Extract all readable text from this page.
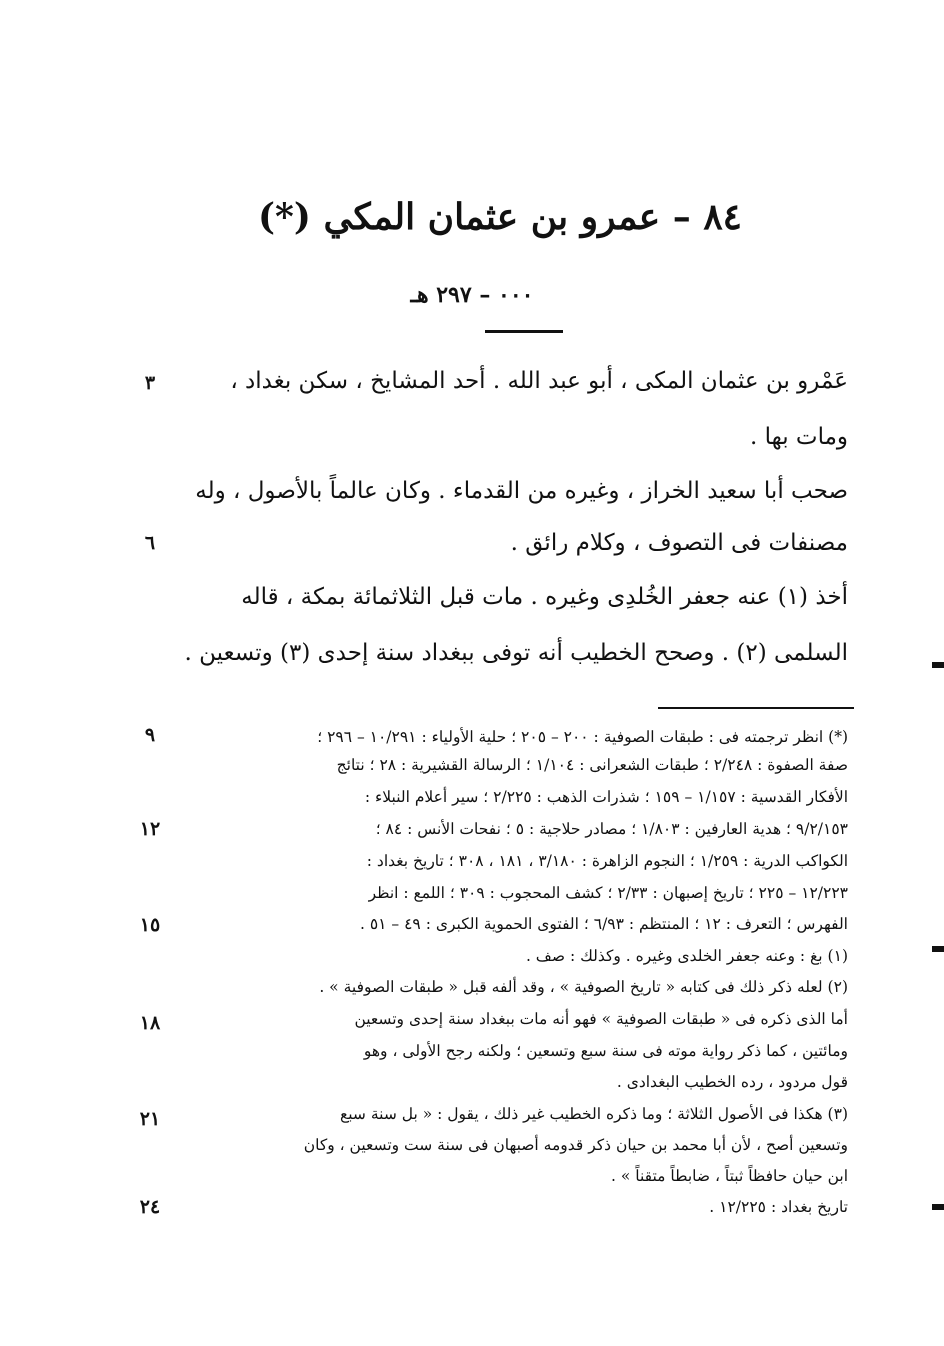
٨٤ – عمرو بن عثمان المكي (*)
٠٠٠ – ٢٩٧ هـ
عَمْرو بن عثمان المكى ، أبو عبد الله . أحد المشايخ ، سكن بغداد ،
ومات بها .
صحب أبا سعيد الخراز ، وغيره من القدماء . وكان عالماً بالأصول ، وله
مصنفات فى التصوف ، وكلام رائق .
أخذ (١) عنه جعفر الخُلدِى وغيره . مات قبل الثلاثمائة بمكة ، قاله
السلمى (٢) . وصحح الخطيب أنه توفى ببغداد سنة إحدى (٣) وتسعين .
(*) انظر ترجمته فى : طبقات الصوفية : ٢٠٠ – ٢٠٥ ؛ حلية الأولياء : ١٠/٢٩١ – ٢٩٦ ؛
صفة الصفوة : ٢/٢٤٨ ؛ طبقات الشعرانى : ١/١٠٤ ؛ الرسالة القشيرية : ٢٨ ؛ نتائج
الأفكار القدسية : ١/١٥٧ – ١٥٩ ؛ شذرات الذهب : ٢/٢٢٥ ؛ سير أعلام النبلاء :
٩/٢/١٥٣ ؛ هدية العارفين : ١/٨٠٣ ؛ مصادر حلاجية : ٥ ؛ نفحات الأنس : ٨٤ ؛
الكواكب الدرية : ١/٢٥٩ ؛ النجوم الزاهرة : ٣/١٨٠ ، ١٨١ ، ٣٠٨ ؛ تاريخ بغداد :
١٢/٢٢٣ – ٢٢٥ ؛ تاريخ إصبهان : ٢/٣٣ ؛ كشف المحجوب : ٣٠٩ ؛ اللمع : انظر
الفهرس ؛ التعرف : ١٢ ؛ المنتظم : ٦/٩٣ ؛ الفتوى الحموية الكبرى : ٤٩ – ٥١ .
(١) بغ : وعنه جعفر الخلدى وغيره . وكذلك : صف .
(٢) لعله ذكر ذلك فى كتابه « تاريخ الصوفية » ، وقد ألفه قبل « طبقات الصوفية » .
أما الذى ذكره فى « طبقات الصوفية » فهو أنه مات ببغداد سنة إحدى وتسعين
ومائتين ، كما ذكر رواية موته فى سنة سبع وتسعين ؛ ولكنه رجح الأولى ، وهو
قول مردود ، رده الخطيب البغدادى .
(٣) هكذا فى الأصول الثلاثة ؛ وما ذكره الخطيب غير ذلك ، يقول : « بل سنة سبع
وتسعين أصح ، لأن أبا محمد بن حيان ذكر قدومه أصبهان فى سنة ست وتسعين ، وكان
ابن حيان حافظاً ثبتاً ، ضابطاً متقناً » .
تاريخ بغداد : ١٢/٢٢٥ .
٣
٦
٩
١٢
١٥
١٨
٢١
٢٤
